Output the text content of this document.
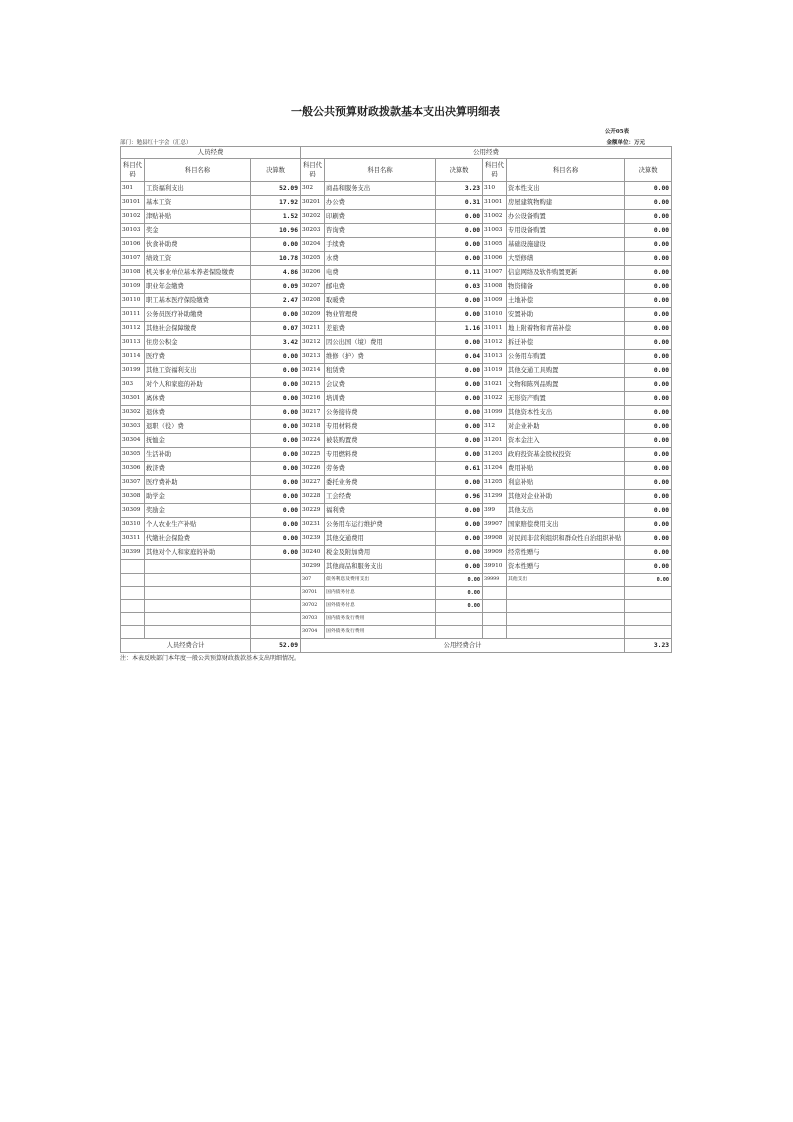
一般公共预算财政拨款基本支出决算明细表
公开05表
部门：勉县红十字会（汇总）	金额单位：万元
人员经费			公用经费					
科目代码	科目名称	决算数	科目代码	科目名称	决算数	科目代码	科目名称	决算数
301	工资福利支出	52.09	302	商品和服务支出	3.23	310	资本性支出	0.00
30101	基本工资	17.92	30201	办公费	0.31	31001	房屋建筑物购建	0.00
30102	津贴补贴	1.52	30202	印刷费	0.00	31002	办公设备购置	0.00
30103	奖金	10.96	30203	咨询费	0.00	31003	专用设备购置	0.00
30106	伙食补助费	0.00	30204	手续费	0.00	31005	基础设施建设	0.00
30107	绩效工资	10.78	30205	水费	0.00	31006	大型修缮	0.00
30108	机关事业单位基本养老保险缴费	4.86	30206	电费	0.11	31007	信息网络及软件购置更新	0.00
30109	职业年金缴费	0.09	30207	邮电费	0.03	31008	物资储备	0.00
30110	职工基本医疗保险缴费	2.47	30208	取暖费	0.00	31009	土地补偿	0.00
30111	公务员医疗补助缴费	0.00	30209	物业管理费	0.00	31010	安置补助	0.00
30112	其他社会保障缴费	0.07	30211	差旅费	1.16	31011	地上附着物和青苗补偿	0.00
30113	住房公积金	3.42	30212	因公出国（境）费用	0.00	31012	拆迁补偿	0.00
30114	医疗费	0.00	30213	维修（护）费	0.04	31013	公务用车购置	0.00
30199	其他工资福利支出	0.00	30214	租赁费	0.00	31019	其他交通工具购置	0.00
303	对个人和家庭的补助	0.00	30215	会议费	0.00	31021	文物和陈列品购置	0.00
30301	离休费	0.00	30216	培训费	0.00	31022	无形资产购置	0.00
30302	退休费	0.00	30217	公务接待费	0.00	31099	其他资本性支出	0.00
30303	退职（役）费	0.00	30218	专用材料费	0.00	312	对企业补助	0.00
30304	抚恤金	0.00	30224	被装购置费	0.00	31201	资本金注入	0.00
30305	生活补助	0.00	30225	专用燃料费	0.00	31203	政府投资基金股权投资	0.00
30306	救济费	0.00	30226	劳务费	0.61	31204	费用补贴	0.00
30307	医疗费补助	0.00	30227	委托业务费	0.00	31205	利息补贴	0.00
30308	助学金	0.00	30228	工会经费	0.96	31299	其他对企业补助	0.00
30309	奖励金	0.00	30229	福利费	0.00	399	其他支出	0.00
30310	个人农业生产补贴	0.00	30231	公务用车运行维护费	0.00	39907	国家赔偿费用支出	0.00
30311	代缴社会保险费	0.00	30239	其他交通费用	0.00	39908	对民间非营利组织和群众性自治组织补贴	0.00
30399	其他对个人和家庭的补助	0.00	30240	税金及附加费用	0.00	39909	经常性赠与	0.00
			30299	其他商品和服务支出	0.00	39910	资本性赠与	0.00
			307	债务利息及费用支出	0.00	39999	其他支出	0.00
			30701	国内债务付息	0.00			
			30702	国外债务付息	0.00			
			30703	国内债务发行费用				
			30704	国外债务发行费用				
人员经费合计		52.09	公用经费合计					3.23
注：本表反映部门本年度一般公共预算财政拨款基本支出明细情况。
